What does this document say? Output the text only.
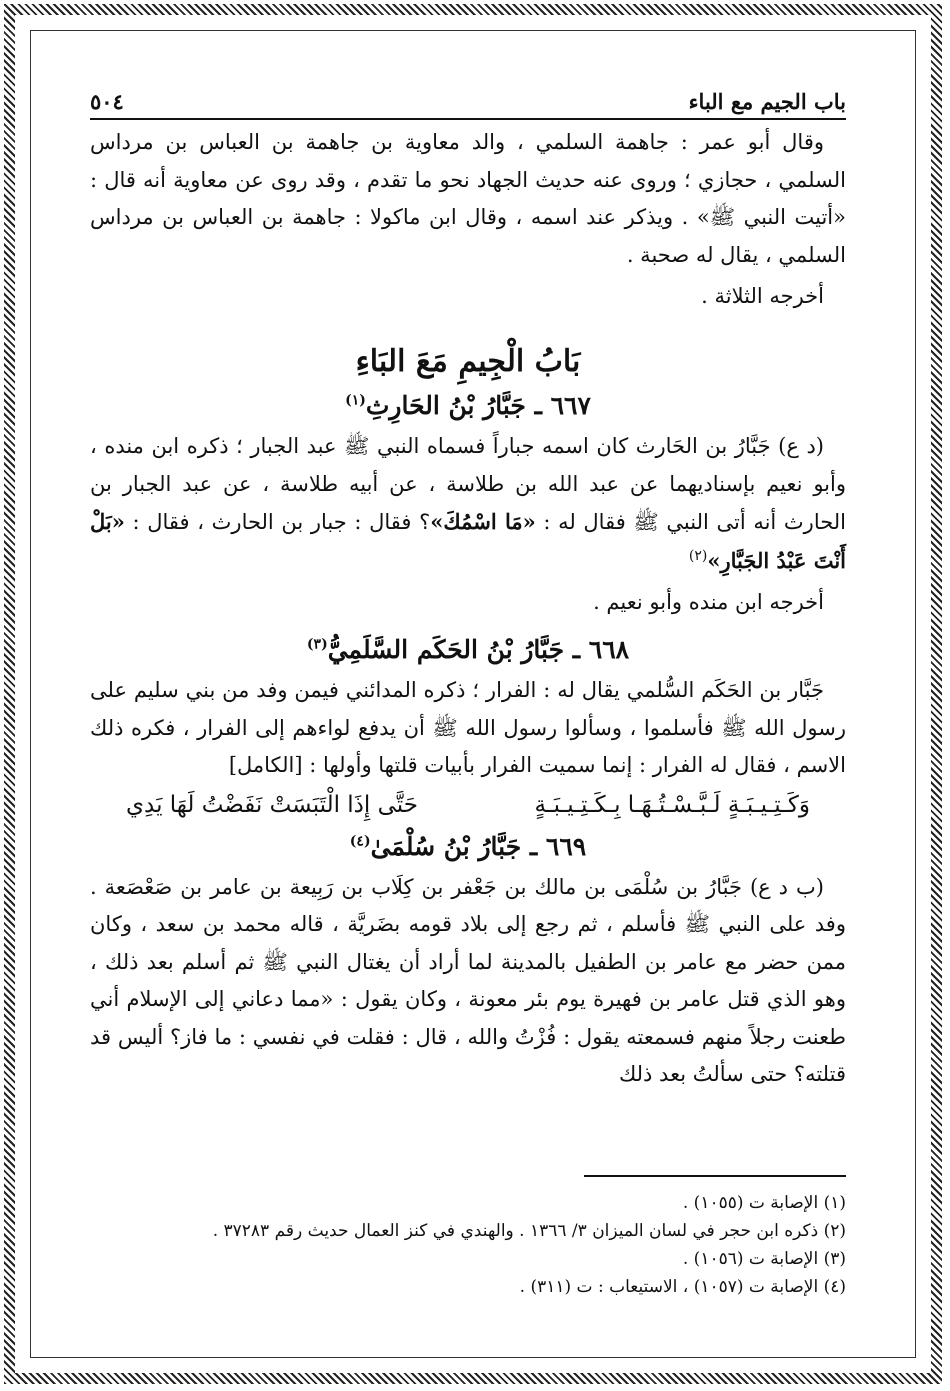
باب الجيم مع الباء
٥٠٤

وقال أبو عمر : جاهمة السلمي ، والد معاوية بن جاهمة بن العباس بن مرداس السلمي ، حجازي ؛ وروى عنه حديث الجهاد نحو ما تقدم ، وقد روى عن معاوية أنه قال : «أتيت النبي ﷺ» . ويذكر عند اسمه ، وقال ابن ماكولا : جاهمة بن العباس بن مرداس السلمي ، يقال له صحبة .

أخرجه الثلاثة .

بَابُ الْجِيمِ مَعَ البَاءِ
٦٦٧ ـ جَبَّارُ بْنُ الحَارِثِ$^{(١)}$

(د ع) جَبَّارُ بن الحَارث كان اسمه جباراً فسماه النبي ﷺ عبد الجبار ؛ ذكره ابن منده ، وأبو نعيم بإسناديهما عن عبد الله بن طلاسة ، عن أبيه طلاسة ، عن عبد الجبار بن الحارث أنه أتى النبي ﷺ فقال له : «مَا اسْمُكَ»؟ فقال : جبار بن الحارث ، فقال : «بَلْ أَنْتَ عَبْدُ الجَبَّارِ»$^{(٢)}$

أخرجه ابن منده وأبو نعيم .

٦٦٨ ـ جَبَّارُ بْنُ الحَكَم السَّلَمِيُّ$^{(٣)}$

جَبَّار بن الحَكَم السُّلمي يقال له : الفرار ؛ ذكره المدائني فيمن وفد من بني سليم على رسول الله ﷺ فأسلموا ، وسألوا رسول الله ﷺ أن يدفع لواءهم إلى الفرار ، فكره ذلك الاسم ، فقال له الفرار : إنما سميت الفرار بأبيات قلتها وأولها : [الكامل]

وَكَـتِـيـبَـةٍ لَـبَّـسْـتُـهَـا بِـكَـتِـيـبَـةٍ
حَتَّى إِذَا الْتَبَسَتْ نَفَضْتُ لَهَا يَدِي
٦٦٩ ـ جَبَّارُ بْنُ سُلْمَىٰ$^{(٤)}$

(ب د ع) جَبَّارُ بن سُلْمَى بن مالك بن جَعْفر بن كِلَاب بن رَبِيعة بن عامر بن صَعْصَعة . وفد على النبي ﷺ فأسلم ، ثم رجع إلى بلاد قومه بضَريَّة ، قاله محمد بن سعد ، وكان ممن حضر مع عامر بن الطفيل بالمدينة لما أراد أن يغتال النبي ﷺ ثم أسلم بعد ذلك ، وهو الذي قتل عامر بن فهيرة يوم بئر معونة ، وكان يقول : «مما دعاني إلى الإسلام أني طعنت رجلاً منهم فسمعته يقول : فُزْتُ والله ، قال : فقلت في نفسي : ما فاز؟ أليس قد قتلته؟ حتى سألتُ بعد ذلك

(١) الإصابة ت (١٠٥٥) .

(٢) ذكره ابن حجر في لسان الميزان ٣/ ١٣٦٦ . والهندي في كنز العمال حديث رقم ٣٧٢٨٣ .

(٣) الإصابة ت (١٠٥٦) .

(٤) الإصابة ت (١٠٥٧) ، الاستيعاب : ت (٣١١) .
